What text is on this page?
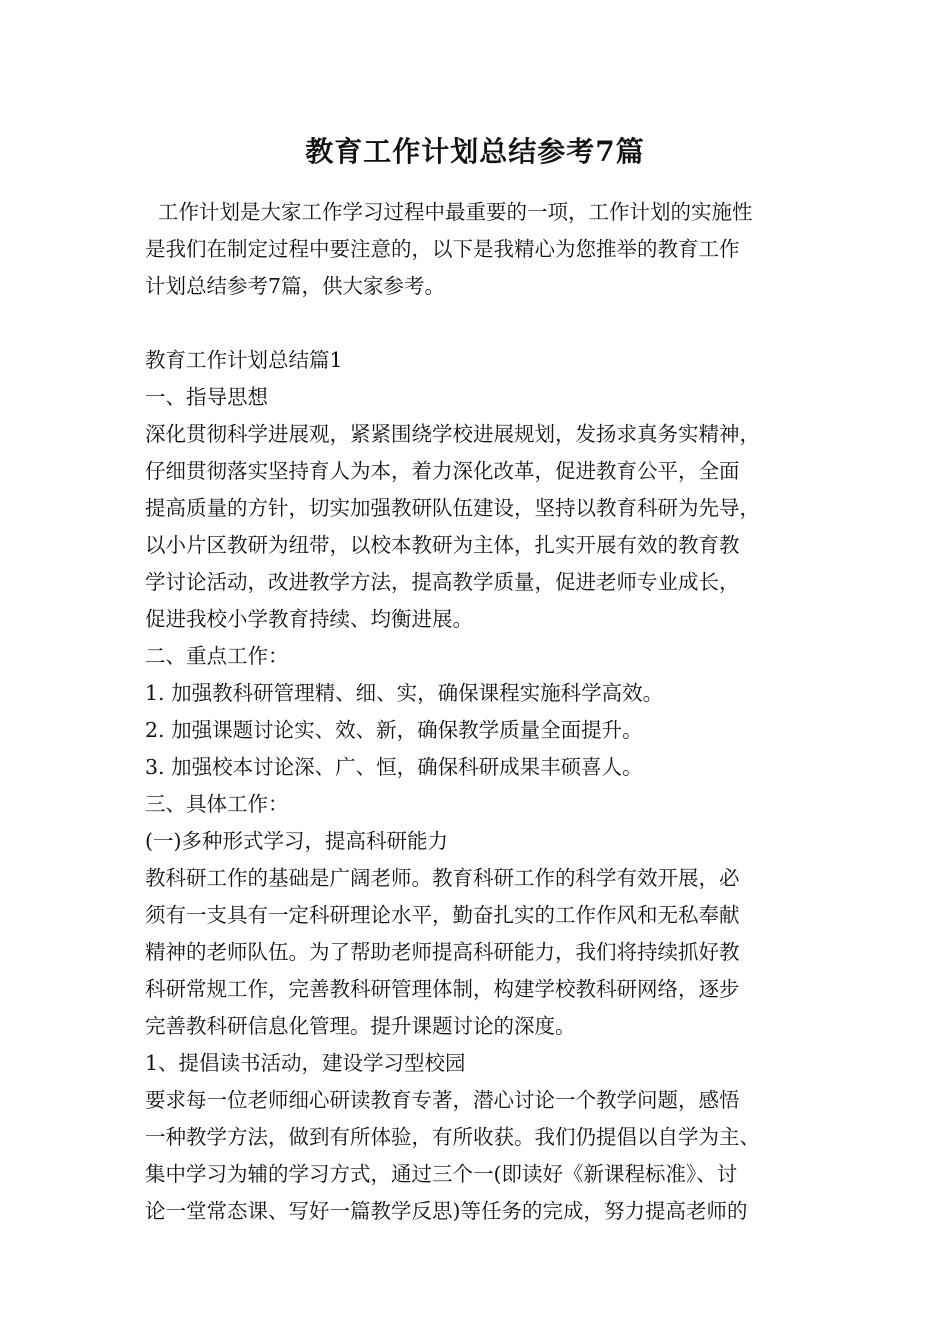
教育工作计划总结参考7篇

工作计划是大家工作学习过程中最重要的一项，工作计划的实施性
是我们在制定过程中要注意的，以下是我精心为您推举的教育工作
计划总结参考7篇，供大家参考。

教育工作计划总结篇1
一、指导思想
深化贯彻科学进展观，紧紧围绕学校进展规划，发扬求真务实精神，
仔细贯彻落实坚持育人为本，着力深化改革，促进教育公平，全面
提高质量的方针，切实加强教研队伍建设，坚持以教育科研为先导，
以小片区教研为纽带，以校本教研为主体，扎实开展有效的教育教
学讨论活动，改进教学方法，提高教学质量，促进老师专业成长，
促进我校小学教育持续、均衡进展。
二、重点工作：
1. 加强教科研管理精、细、实，确保课程实施科学高效。
2. 加强课题讨论实、效、新，确保教学质量全面提升。
3. 加强校本讨论深、广、恒，确保科研成果丰硕喜人。
三、具体工作：
(一)多种形式学习，提高科研能力
教科研工作的基础是广阔老师。教育科研工作的科学有效开展，必
须有一支具有一定科研理论水平，勤奋扎实的工作作风和无私奉献
精神的老师队伍。为了帮助老师提高科研能力，我们将持续抓好教
科研常规工作，完善教科研管理体制，构建学校教科研网络，逐步
完善教科研信息化管理。提升课题讨论的深度。
1、提倡读书活动，建设学习型校园
要求每一位老师细心研读教育专著，潜心讨论一个教学问题，感悟
一种教学方法，做到有所体验，有所收获。我们仍提倡以自学为主、
集中学习为辅的学习方式，通过三个一(即读好《新课程标准》、讨
论一堂常态课、写好一篇教学反思)等任务的完成，努力提高老师的
